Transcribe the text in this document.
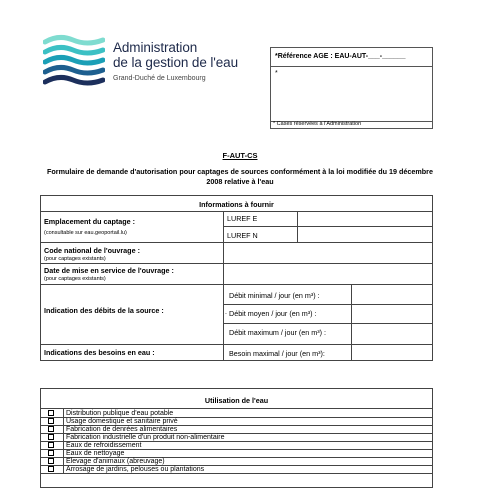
Administration
de la gestion de l'eau
Grand-Duché de Luxembourg
*Référence AGE : EAU-AUT-___-______
*
* Cases réservées à l'Administration
F-AUT-CS
Formulaire de demande d'autorisation pour captages de sources conformément à la loi modifiée du 19 décembre 2008 relative à l'eau
Informations à fournir
Emplacement du captage :
(consultable sur eau.geoportail.lu)
LUREF E
LUREF N
Code national de l'ouvrage :
(pour captages existants)
Date de mise en service de l'ouvrage :
(pour captages existants)
Indication des débits de la source :
Débit minimal / jour (en m³) :
. Débit moyen / jour (en m³) :
Débit maximum / jour (en m³) :
Indications des besoins en eau :	Besoin maximal / jour (en m³):
Utilisation de l'eau
Distribution publique d'eau potable
Usage domestique et sanitaire privé
Fabrication de denrées alimentaires
Fabrication industrielle d'un produit non-alimentaire
Eaux de refroidissement
Eaux de nettoyage
Elevage d'animaux (abreuvage)
Arrosage de jardins, pelouses ou plantations
